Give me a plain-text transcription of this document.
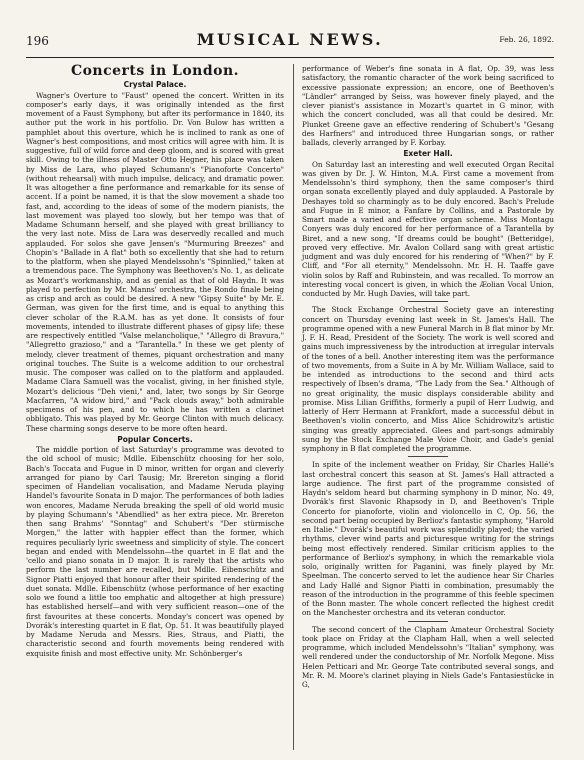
196	MUSICAL NEWS.	Feb. 26, 1892.
Concerts in London.
Crystal Palace.

Wagner's Overture to "Faust" opened the concert. Written in its composer's early days, it was originally intended as the first movement of a Faust Symphony, but after its performance in 1840, its author put the work in his portfolio. Dr. Von Bulow has written a pamphlet about this overture, which he is inclined to rank as one of Wagner's best compositions, and most critics will agree with him. It is suggestive, full of wild force and deep gloom, and is scored with great skill. Owing to the illness of Master Otto Hegner, his place was taken by Miss de Lara, who played Schumann's "Pianoforte Concerto" (without rehearsal) with much impulse, delicacy, and dramatic power. It was altogether a fine performance and remarkable for its sense of accent. If a point be named, it is that the slow movement a shade too fast, and, according to the ideas of some of the modern pianists, the last movement was played too slowly, but her tempo was that of Madame Schumann herself, and she played with great brilliancy to the very last note. Miss de Lara was deservedly recalled and much applauded. For solos she gave Jensen's "Murmuring Breezes" and Chopin's "Ballade in A flat" both so excellently that she had to return to the platform, when she played Mendelssohn's "Spinnlied," taken at a tremendous pace. The Symphony was Beethoven's No. 1, as delicate as Mozart's workmanship, and as genial as that of old Haydn. It was played to perfection by Mr. Manns' orchestra, the Rondo finale being as crisp and arch as could be desired. A new "Gipsy Suite" by Mr. E. German, was given for the first time, and is equal to anything this clever scholar of the R.A.M. has as yet done. It consists of four movements, intended to illustrate different phases of gipsy life; these are respectively entitled "Valse melancholique," "Allegro di Bravura," "Allegretto grazioso," and a "Tarantella." In these we get plenty of melody, clever treatment of themes, piquant orchestration and many original touches. The Suite is a welcome addition to our orchestral music. The composer was called on to the platform and applauded. Madame Clara Samuell was the vocalist, giving, in her finished style, Mozart's delicious "Deh vieni," and, later, two songs by Sir George Macfarren, "A widow bird," and "Pack clouds away," both admirable specimens of his pen, and to which he has written a clarinet obbligato. This was played by Mr. George Clinton with much delicacy. These charming songs deserve to be more often heard.

Popular Concerts.

The middle portion of last Saturday's programme was devoted to the old school of music; Mdlle. Eibenschütz choosing for her solo, Bach's Toccata and Fugue in D minor, written for organ and cleverly arranged for piano by Carl Tausig; Mr. Brereton singing a florid specimen of Handelian vocalisation, and Madame Neruda playing Handel's favourite Sonata in D major. The performances of both ladies won encores, Madame Neruda breaking the spell of old world music by playing Schumann's "Abendlied" as her extra piece. Mr. Brereton then sang Brahms' "Sonntag" and Schubert's "Der stürmische Morgen," the latter with happier effect than the former, which requires peculiarly lyric sweetness and simplicity of style. The concert began and ended with Mendelssohn—the quartet in E flat and the 'cello and piano sonata in D major. It is rarely that the artists who perform the last number are recalled, but Mdlle. Eibenschütz and Signor Piatti enjoyed that honour after their spirited rendering of the duet sonata. Mdlle. Eibenschütz (whose performance of her exacting solo we found a little too emphatic and altogether at high pressure) has established herself—and with very sufficient reason—one of the first favourites at these concerts. Monday's concert was opened by Dvorák's interesting quartet in E flat, Op. 51. It was beautifully played by Madame Neruda and Messrs. Ries, Straus, and Piatti, the characteristic second and fourth movements being rendered with exquisite finish and most effective unity. Mr. Schönberger's

performance of Weber's fine sonata in A flat, Op. 39, was less satisfactory, the romantic character of the work being sacrificed to excessive passionate expression; an encore, one of Beethoven's "Ländler" arranged by Seiss, was however finely played, and the clever pianist's assistance in Mozart's quartet in G minor, with which the concert concluded, was all that could be desired. Mr. Plunket Greene gave an effective rendering of Schubert's "Gesang des Harfners" and introduced three Hungarian songs, or rather ballads, cleverly arranged by F. Korbay.

Exeter Hall.

On Saturday last an interesting and well executed Organ Recital was given by Dr. J. W. Hinton, M.A. First came a movement from Mendelssohn's third symphony, then the same composer's third organ sonata excellently played and duly applauded. A Pastorale by Deshayes told so charmingly as to be duly encored. Bach's Prelude and Fugue in E minor, a Fanfare by Collins, and a Pastorale by Smart made a varied and effective organ scheme. Miss Montagu Conyers was duly encored for her performance of a Tarantella by Biret, and a new song, "If dreams could be bought" (Betteridge), proved very effective. Mr. Avalon Collard sang with great artistic judgment and was duly encored for his rendering of "When?" by F. Cliff, and "For all eternity," Mendelssohn. Mr. H. H. Taaffe gave violin solos by Raff and Rubinstein, and was recalled. To morrow an interesting vocal concert is given, in which the Æolian Vocal Union, conducted by Mr. Hugh Davies, will take part.

The Stock Exchange Orchestral Society gave an interesting concert on Thursday evening last week in St. James's Hall. The programme opened with a new Funeral March in B flat minor by Mr. J. F. H. Read, President of the Society. The work is well scored and gains much impressiveness by the introduction at irregular intervals of the tones of a bell. Another interesting item was the performance of two movements, from a Suite in A by Mr. William Wallace, said to be intended as introductions to the second and third acts respectively of Ibsen's drama, "The Lady from the Sea." Although of no great originality, the music displays considerable ability and promise. Miss Lilian Griffiths, formerly a pupil of Herr Ludwig, and latterly of Herr Hermann at Frankfort, made a successful début in Beethoven's violin concerto, and Miss Alice Schidrowitz's artistic singing was greatly appreciated. Glees and part-songs admirably sung by the Stock Exchange Male Voice Choir, and Gade's genial symphony in B flat completed the programme.

In spite of the inclement weather on Friday, Sir Charles Hallé's last orchestral concert this season at St. James's Hall attracted a large audience. The first part of the programme consisted of Haydn's seldom heard but charming symphony in D minor, No. 49, Dvorák's first Slavonic Rhapsody in D, and Beethoven's Triple Concerto for pianoforte, violin and violoncello in C, Op. 56, the second part being occupied by Berlioz's fantastic symphony, "Harold en Italie." Dvorák's beautiful work was splendidly played; the varied rhythms, clever wind parts and picturesque writing for the strings being most effectively rendered. Similar criticism applies to the performance of Berlioz's symphony, in which the remarkable viola solo, originally written for Paganini, was finely played by Mr. Speelman. The concerto served to let the audience hear Sir Charles and Lady Hallé and Signor Piatti in combination, presumably the reason of the introduction in the programme of this feeble specimen of the Bonn master. The whole concert reflected the highest credit on the Manchester orchestra and its veteran conductor.

The second concert of the Clapham Amateur Orchestral Society took place on Friday at the Clapham Hall, when a well selected programme, which included Mendelssohn's "Italian" symphony, was well rendered under the conductorship of Mr. Norfolk Megone. Miss Helen Petticari and Mr. George Tate contributed several songs, and Mr. R. M. Moore's clarinet playing in Niels Gade's Fantasiestücke in G,
